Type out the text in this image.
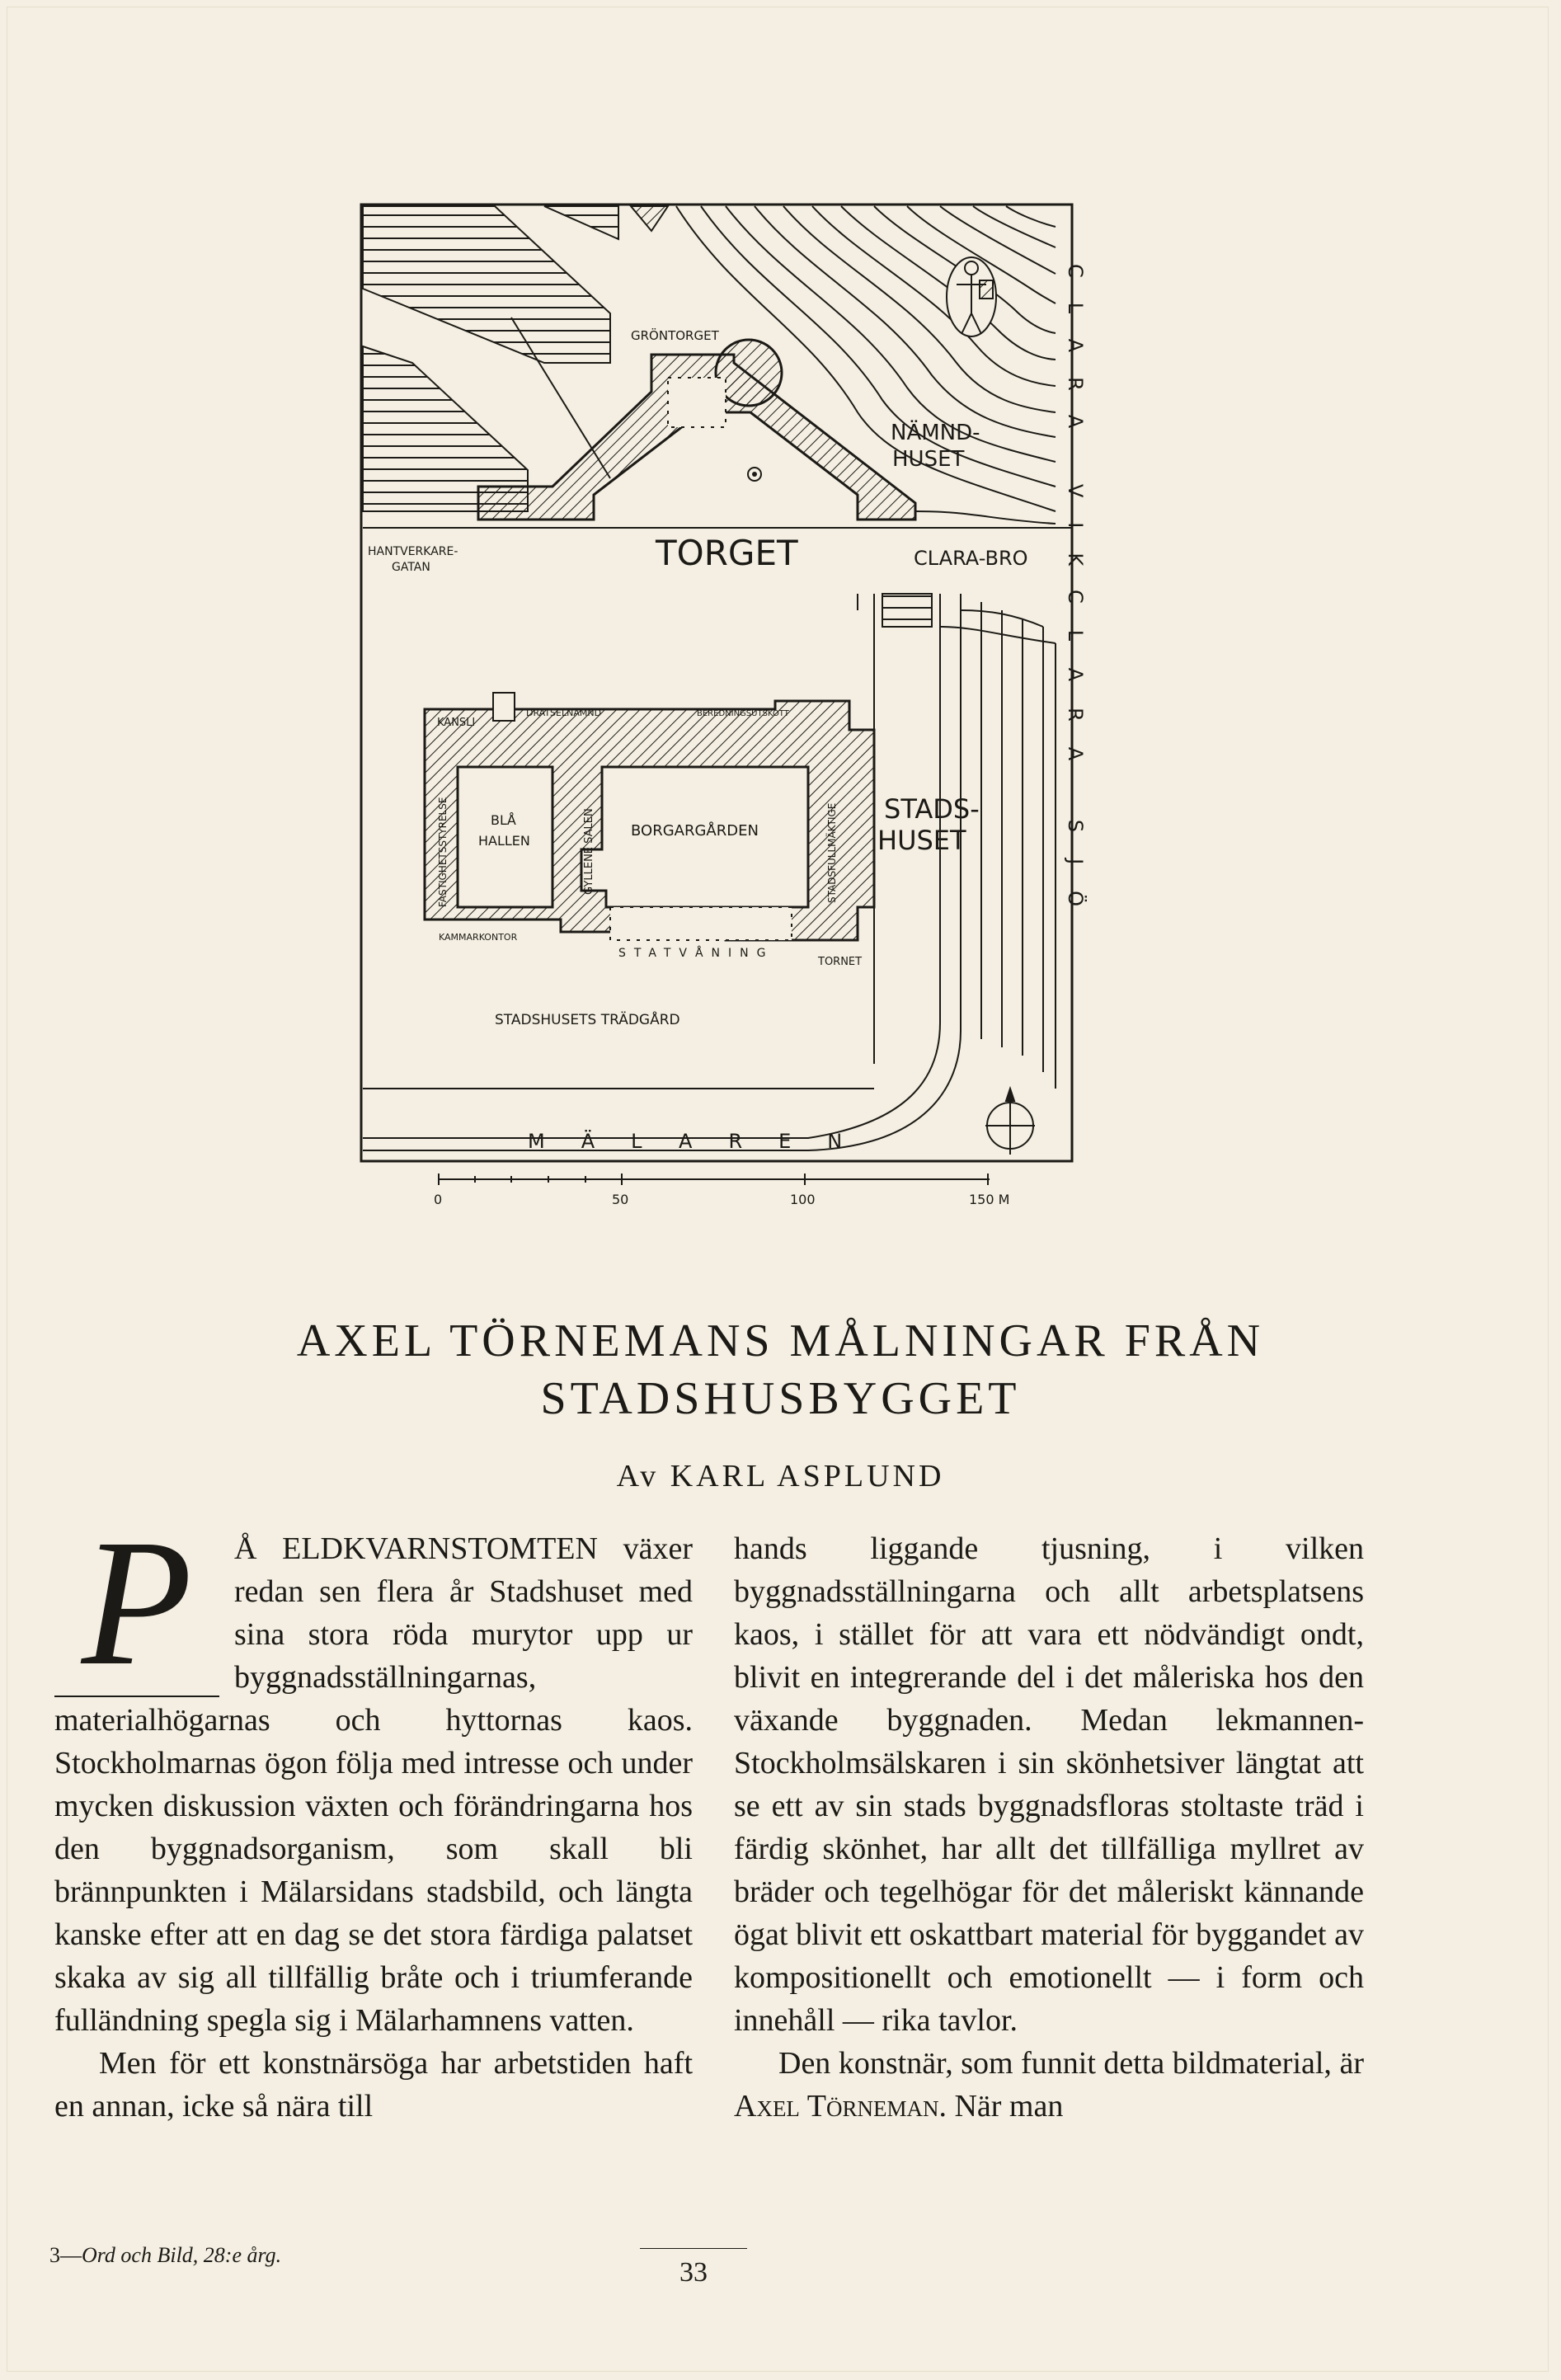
GRÖNTORGET
NÄMND-
HUSET
HANTVERKARE-
GATAN	TORGET	CLARA-BRO
KANSLI
DRÄTSELNÄMND	BEREDNINGSUTSKOTT
BLÅ
HALLEN
BORGARGÅRDEN
GYLLENE SALEN
FASTIGHETSSTYRELSE	STADSFULLMÄKTIGE
KAMMARKONTOR
STATVÅNING
TORNET
STADS-
HUSET
STADSHUSETS TRÄDGÅRD
MÄLAREN
CLARA VIK
CLARA SJÖ
0	50	100	150 M
AXEL TÖRNEMANS MÅLNINGAR FRÅN
STADSHUSBYGGET
Av KARL ASPLUND
P	Å ELDKVARNSTOMTEN växer redan sen flera år Stadshuset med sina stora röda murytor upp ur byggnadsställningarnas, materialhögarnas och hyttornas kaos. Stockholmarnas ögon följa med intresse och under mycken diskussion växten och förändringarna hos den byggnadsorganism, som skall bli brännpunkten i Mälarsidans stadsbild, och längta kanske efter att en dag se det stora färdiga palatset skaka av sig all tillfällig bråte och i triumferande fulländning spegla sig i Mälarhamnens vatten.

Men för ett konstnärsöga har arbetstiden haft en annan, icke så nära till

hands liggande tjusning, i vilken byggnadsställningarna och allt arbetsplatsens kaos, i stället för att vara ett nödvändigt ondt, blivit en integrerande del i det måleriska hos den växande byggnaden. Medan lekmannen-Stockholmsälskaren i sin skönhetsiver längtat att se ett av sin stads byggnadsfloras stoltaste träd i färdig skönhet, har allt det tillfälliga myllret av bräder och tegelhögar för det måleriskt kännande ögat blivit ett oskattbart material för byggandet av kompositionellt och emotionellt — i form och innehåll — rika tavlor.

Den konstnär, som funnit detta bildmaterial, är Axel Törneman. När man

3—Ord och Bild, 28:e årg.
33
